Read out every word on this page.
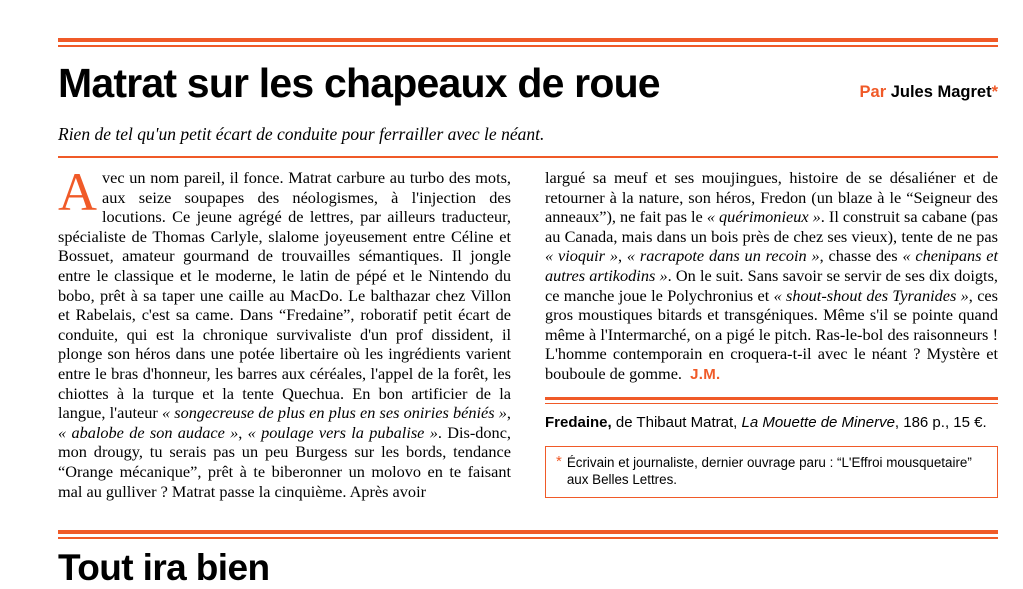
Matrat sur les chapeaux de roue	Par Jules Magret*
Rien de tel qu'un petit écart de conduite pour ferrailler avec le néant.

Avec un nom pareil, il fonce. Matrat carbure au turbo des mots, aux seize soupapes des néologismes, à l'injection des locutions. Ce jeune agrégé de lettres, par ailleurs traducteur, spécialiste de Thomas Carlyle, slalome joyeusement entre Céline et Bossuet, amateur gourmand de trouvailles sémantiques. Il jongle entre le classique et le moderne, le latin de pépé et le Nintendo du bobo, prêt à sa taper une caille au MacDo. Le balthazar chez Villon et Rabelais, c'est sa came. Dans “Fredaine”, roboratif petit écart de conduite, qui est la chronique survivaliste d'un prof dissident, il plonge son héros dans une potée libertaire où les ingrédients varient entre le bras d'honneur, les barres aux céréales, l'appel de la forêt, les chiottes à la turque et la tente Quechua. En bon artificier de la langue, l'auteur « songecreuse de plus en plus en ses oniries béniés », « abalobe de son audace », « poulage vers la pubalise ». Dis-donc, mon drougy, tu serais pas un peu Burgess sur les bords, tendance “Orange mécanique”, prêt à te biberonner un molovo en te faisant mal au gulliver ? Matrat passe la cinquième. Après avoir

largué sa meuf et ses moujingues, histoire de se désaliéner et de retourner à la nature, son héros, Fredon (un blaze à le “Seigneur des anneaux”), ne fait pas le « quérimonieux ». Il construit sa cabane (pas au Canada, mais dans un bois près de chez ses vieux), tente de ne pas « vioquir », « racrapote dans un recoin », chasse des « chenipans et autres artikodins ». On le suit. Sans savoir se servir de ses dix doigts, ce manche joue le Polychronius et « shout-shout des Tyranides », ces gros moustiques bitards et transgéniques. Même s'il se pointe quand même à l'Intermarché, on a pigé le pitch. Ras-le-bol des raisonneurs ! L'homme contemporain en croquera-t-il avec le néant ? Mystère et bouboule de gomme. J.M.

Fredaine, de Thibaut Matrat, La Mouette de Minerve, 186 p., 15 €.
* Écrivain et journaliste, dernier ouvrage paru : “L'Effroi mousquetaire” aux Belles Lettres.
Tout ira bien
